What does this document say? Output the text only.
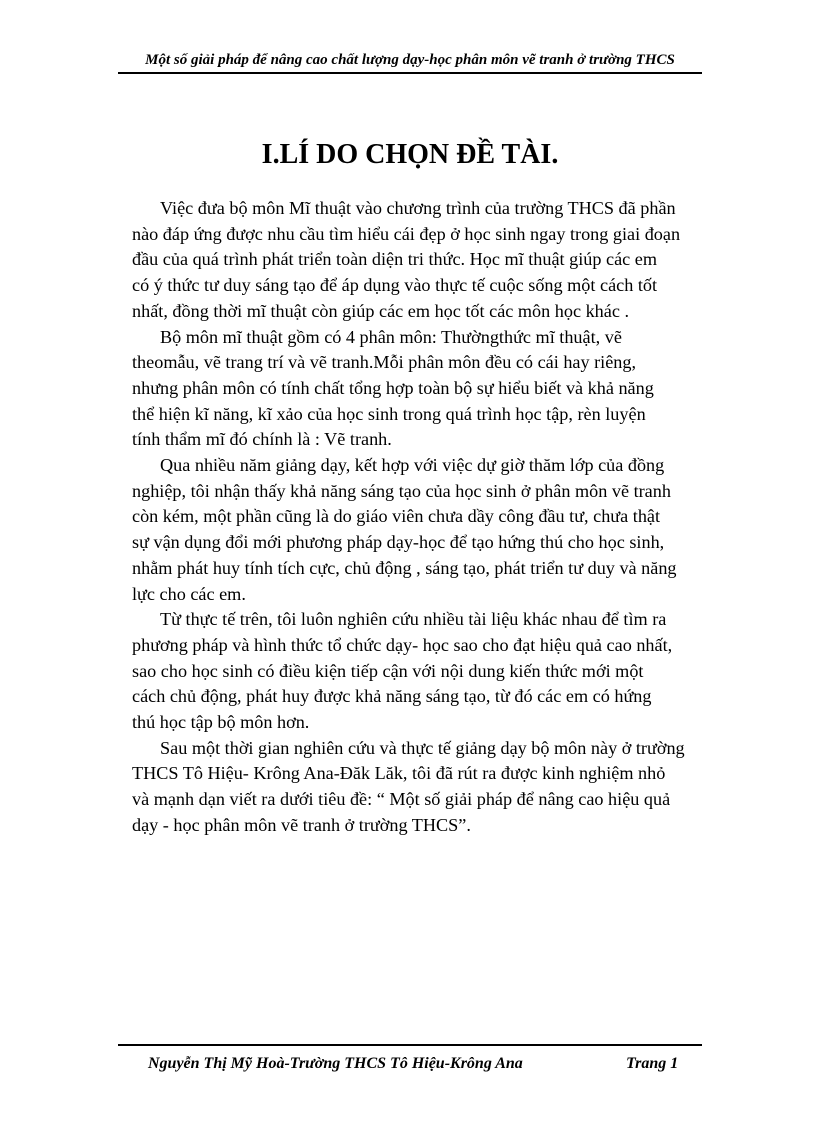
Một số giải pháp để nâng cao chất lượng dạy-học phân môn vẽ tranh ở trường THCS
I.LÍ DO CHỌN ĐỀ TÀI.

Việc đưa bộ môn Mĩ thuật vào chương trình của trường THCS đã phần
nào đáp ứng được nhu cầu tìm hiểu cái đẹp ở học sinh ngay trong giai đoạn
đầu của quá trình phát triển toàn diện tri thức. Học mĩ thuật giúp các em
có ý thức tư duy sáng tạo để áp dụng vào thực tế cuộc sống một cách tốt
nhất, đồng thời mĩ thuật còn giúp các em học tốt các môn học khác .

Bộ môn mĩ thuật gồm có 4 phân môn: Thườngthức mĩ thuật, vẽ
theomẫu, vẽ trang trí và vẽ tranh.Mỗi phân môn đều có cái hay riêng,
nhưng phân môn có tính chất tổng hợp toàn bộ sự hiểu biết và khả năng
thể hiện kĩ năng, kĩ xảo của học sinh trong quá trình học tập, rèn luyện
tính thẩm mĩ đó chính là : Vẽ tranh.

Qua nhiều năm giảng dạy, kết hợp với việc dự giờ thăm lớp của đồng
nghiệp, tôi nhận thấy khả năng sáng tạo của học sinh ở phân môn vẽ tranh
còn kém, một phần cũng là do giáo viên chưa dầy công đầu tư, chưa thật
sự vận dụng đổi mới phương pháp dạy-học để tạo hứng thú cho học sinh,
nhằm phát huy tính tích cực, chủ động , sáng tạo, phát triển tư duy và năng
lực cho các em.

Từ thực tế trên, tôi luôn nghiên cứu nhiều tài liệu khác nhau để tìm ra
phương pháp và hình thức tổ chức dạy- học sao cho đạt hiệu quả cao nhất,
sao cho học sinh có điều kiện tiếp cận với nội dung kiến thức mới một
cách chủ động, phát huy được khả năng sáng tạo, từ đó các em có hứng
thú học tập bộ môn hơn.

Sau một thời gian nghiên cứu và thực tế giảng dạy bộ môn này ở trường
THCS Tô Hiệu- Krông Ana-Đăk Lăk, tôi đã rút ra được kinh nghiệm nhỏ
và mạnh dạn viết ra dưới tiêu đề: “ Một số giải pháp để nâng cao hiệu quả
dạy - học phân môn vẽ tranh ở trường THCS”.

Nguyễn Thị Mỹ Hoà-Trường THCS Tô Hiệu-Krông Ana	Trang 1
